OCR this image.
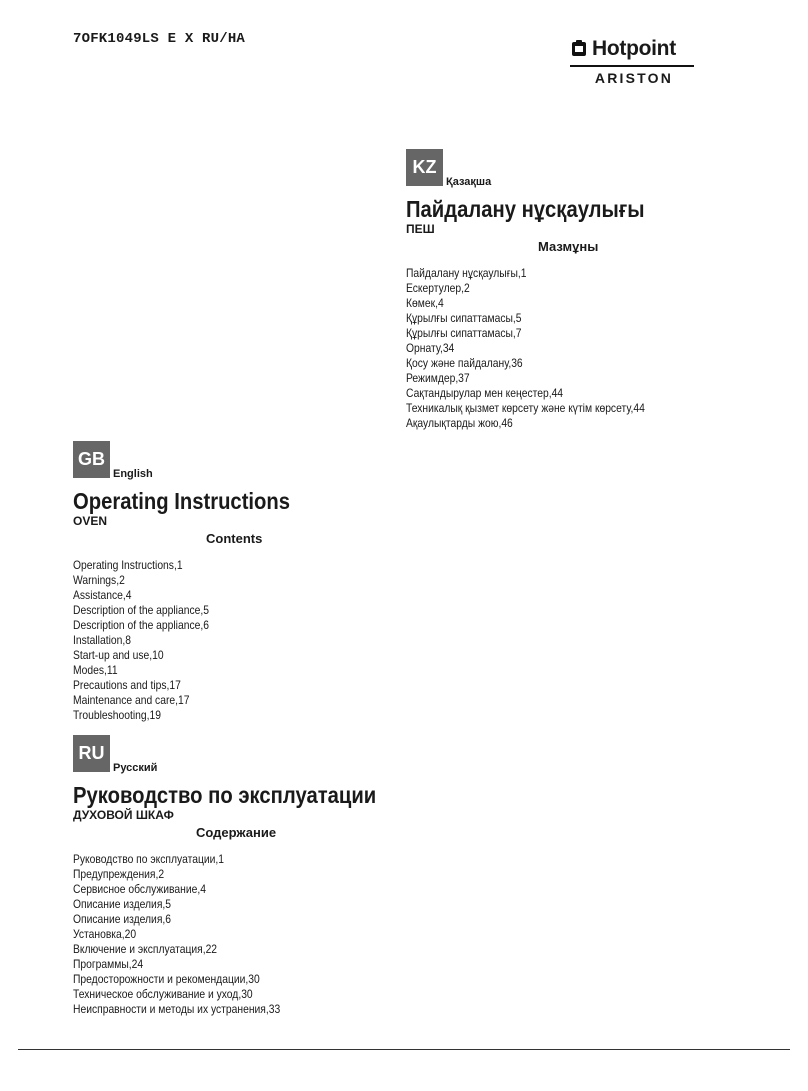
7OFK1049LS E X RU/HA	Hotpoint
ARISTON
KZ
Қазақша
Пайдалану нұсқаулығы
ПЕШ
Мазмұны
Пайдалану нұсқаулығы,1
Ескертулер,2
Көмек,4
Құрылғы сипаттамасы,5
Құрылғы сипаттамасы,7
Орнату,34
Қосу және пайдалану,36
Режимдер,37
Сақтандырулар мен кеңестер,44
Техникалық қызмет көрсету және күтім көрсету,44
Ақаулықтарды жою,46
GB
English
Operating Instructions
OVEN
Contents
Operating Instructions,1
Warnings,2
Assistance,4
Description of the appliance,5
Description of the appliance,6
Installation,8
Start-up and use,10
Modes,11
Precautions and tips,17
Maintenance and care,17
Troubleshooting,19
RU
Русский
Руководство по эксплуатации
ДУХОВОЙ ШКАФ
Содержание
Руководство по эксплуатации,1
Предупреждения,2
Сервисное обслуживание,4
Описание изделия,5
Описание изделия,6
Установка,20
Включение и эксплуатация,22
Программы,24
Предосторожности и рекомендации,30
Техническое обслуживание и уход,30
Неисправности и методы их устранения,33
